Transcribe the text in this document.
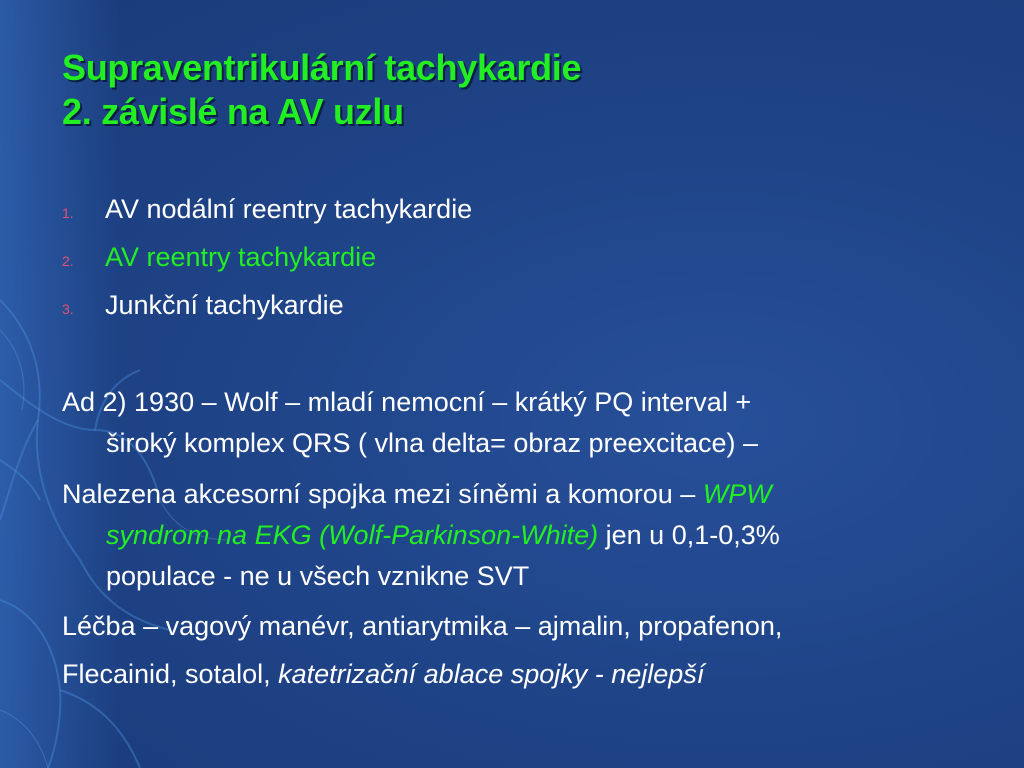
Supraventrikulární tachykardie
2. závislé na AV uzlu
1. AV nodální reentry tachykardie
2. AV reentry tachykardie
3. Junkční tachykardie

Ad 2) 1930 – Wolf – mladí nemocní – krátký PQ interval +
široký komplex QRS ( vlna delta= obraz preexcitace) –

Nalezena akcesorní spojka mezi síněmi a komorou – WPW
syndrom na EKG (Wolf-Parkinson-White) jen u 0,1-0,3%
populace - ne u všech vznikne SVT

Léčba – vagový manévr, antiarytmika – ajmalin, propafenon,

Flecainid, sotalol, katetrizační ablace spojky - nejlepší
